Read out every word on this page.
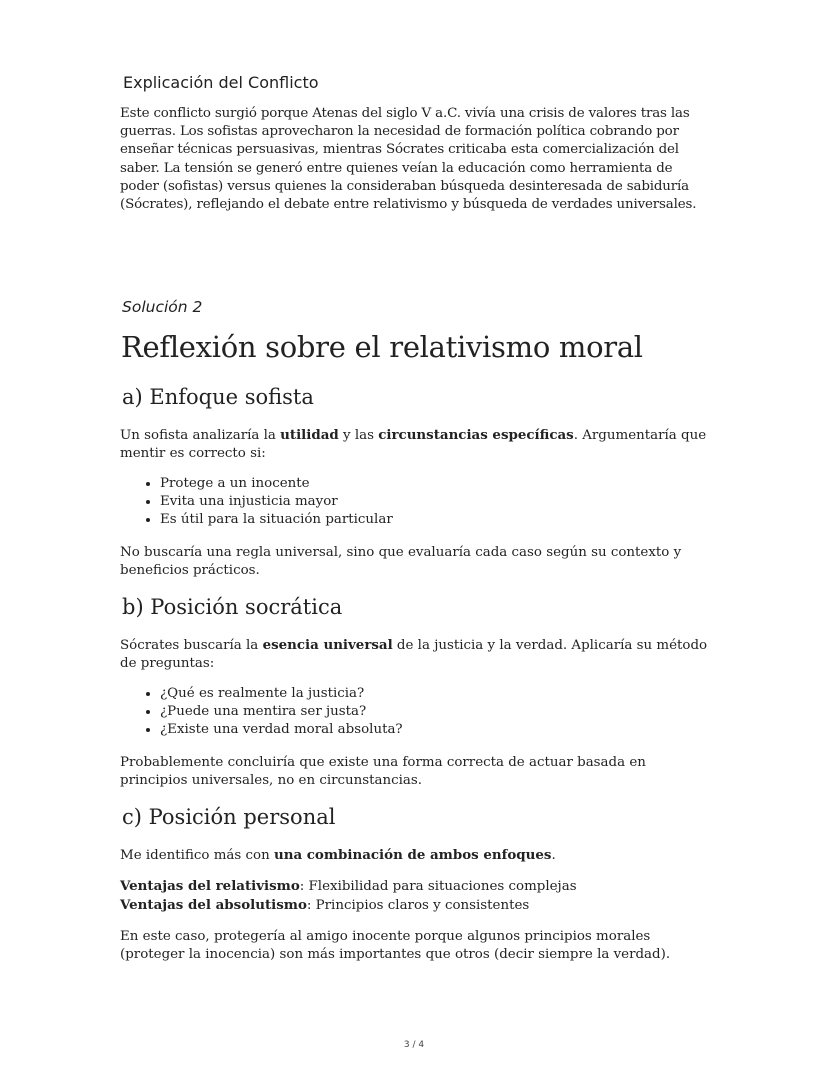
Explicación del Conflicto

Este conflicto surgió porque Atenas del siglo V a.C. vivía una crisis de valores tras las guerras. Los sofistas aprovecharon la necesidad de formación política cobrando por enseñar técnicas persuasivas, mientras Sócrates criticaba esta comercialización del saber. La tensión se generó entre quienes veían la educación como herramienta de poder (sofistas) versus quienes la consideraban búsqueda desinteresada de sabiduría (Sócrates), reflejando el debate entre relativismo y búsqueda de verdades universales.

Solución 2

Reflexión sobre el relativismo moral
a) Enfoque sofista

Un sofista analizaría la utilidad y las circunstancias específicas. Argumentaría que mentir es correcto si:

• Protege a un inocente
• Evita una injusticia mayor
• Es útil para la situación particular

No buscaría una regla universal, sino que evaluaría cada caso según su contexto y beneficios prácticos.

b) Posición socrática

Sócrates buscaría la esencia universal de la justicia y la verdad. Aplicaría su método de preguntas:

• ¿Qué es realmente la justicia?
• ¿Puede una mentira ser justa?
• ¿Existe una verdad moral absoluta?

Probablemente concluiría que existe una forma correcta de actuar basada en principios universales, no en circunstancias.

c) Posición personal

Me identifico más con una combinación de ambos enfoques.

Ventajas del relativismo: Flexibilidad para situaciones complejas
Ventajas del absolutismo: Principios claros y consistentes

En este caso, protegería al amigo inocente porque algunos principios morales (proteger la inocencia) son más importantes que otros (decir siempre la verdad).

3 / 4
